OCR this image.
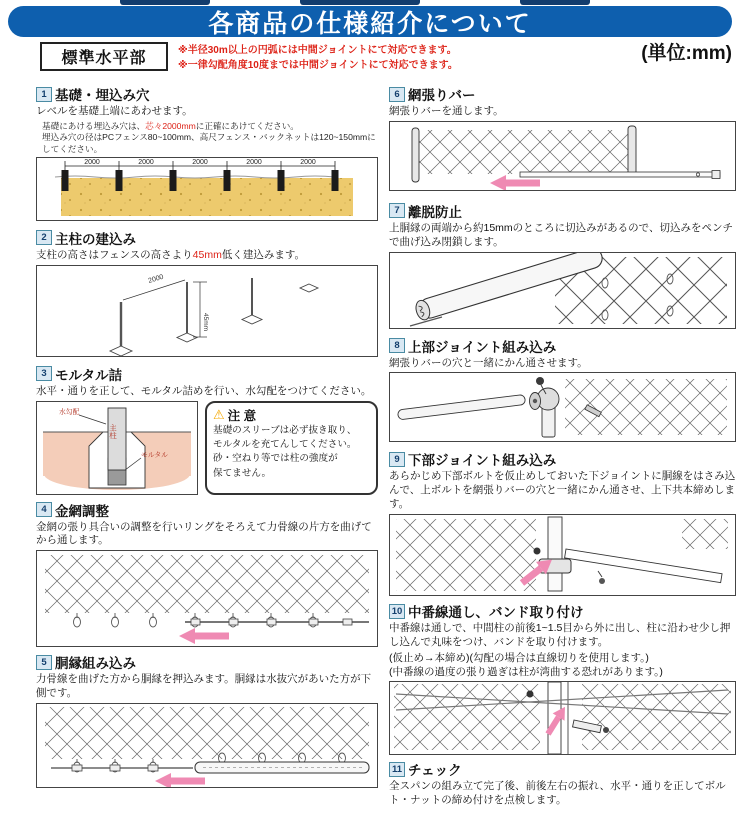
各商品の仕様紹介について
標準水平部	※半径30m以上の円弧には中間ジョイントにて対応できます。
※一律勾配角度10度までは中間ジョイントにて対応できます。
(単位:mm)
1 基礎・埋込み穴
レベルを基礎上端にあわせます。
基礎にあける埋込み穴は、芯々2000mmに正確にあけてください。
埋込み穴の径はPCフェンス80~100mm、高尺フェンス・バックネットは120~150mmにしてください。
2000	2000	2000	2000	2000
2 主柱の建込み
支柱の高さはフェンスの高さより45mm低く建込みます。
2000
45mm
3 モルタル詰
水平・通りを正して、モルタル詰めを行い、水勾配をつけてください。
主柱
水勾配
モルタル
⚠ 注 意
基礎のスリーブは必ず抜き取り、
モルタルを充てんしてください。
砂・空ねり等では柱の強度が
保てません。
4 金網調整
金網の張り具合いの調整を行いリングをそろえて力骨線の片方を曲げてから通します。
5 胴縁組み込み
力骨線を曲げた方から胴縁を押込みます。胴縁は水抜穴があいた方が下側です。
6 網張りバー
網張りバーを通します。
7 離脱防止
上胴縁の両端から約15mmのところに切込みがあるので、切込みをペンチで曲げ込み閉鎖します。
8 上部ジョイント組み込み
網張りバーの穴と一緒にかん通させます。
9 下部ジョイント組み込み
あらかじめ下部ボルトを仮止めしておいた下ジョイントに胴線をはさみ込んで、上ボルトを網張りバーの穴と一緒にかん通させ、上下共本締めします。
10 中番線通し、バンド取り付け
中番線は通しで、中間柱の前後1~1.5目から外に出し、柱に沿わせ少し押し込んで丸味をつけ、バンドを取り付けます。
(仮止め→本締め)(勾配の場合は直線切りを使用します。)
(中番線の過度の張り過ぎは柱が湾曲する恐れがあります。)
11 チェック
全スパンの組み立て完了後、前後左右の振れ、水平・通りを正してボルト・ナットの締め付けを点検します。
